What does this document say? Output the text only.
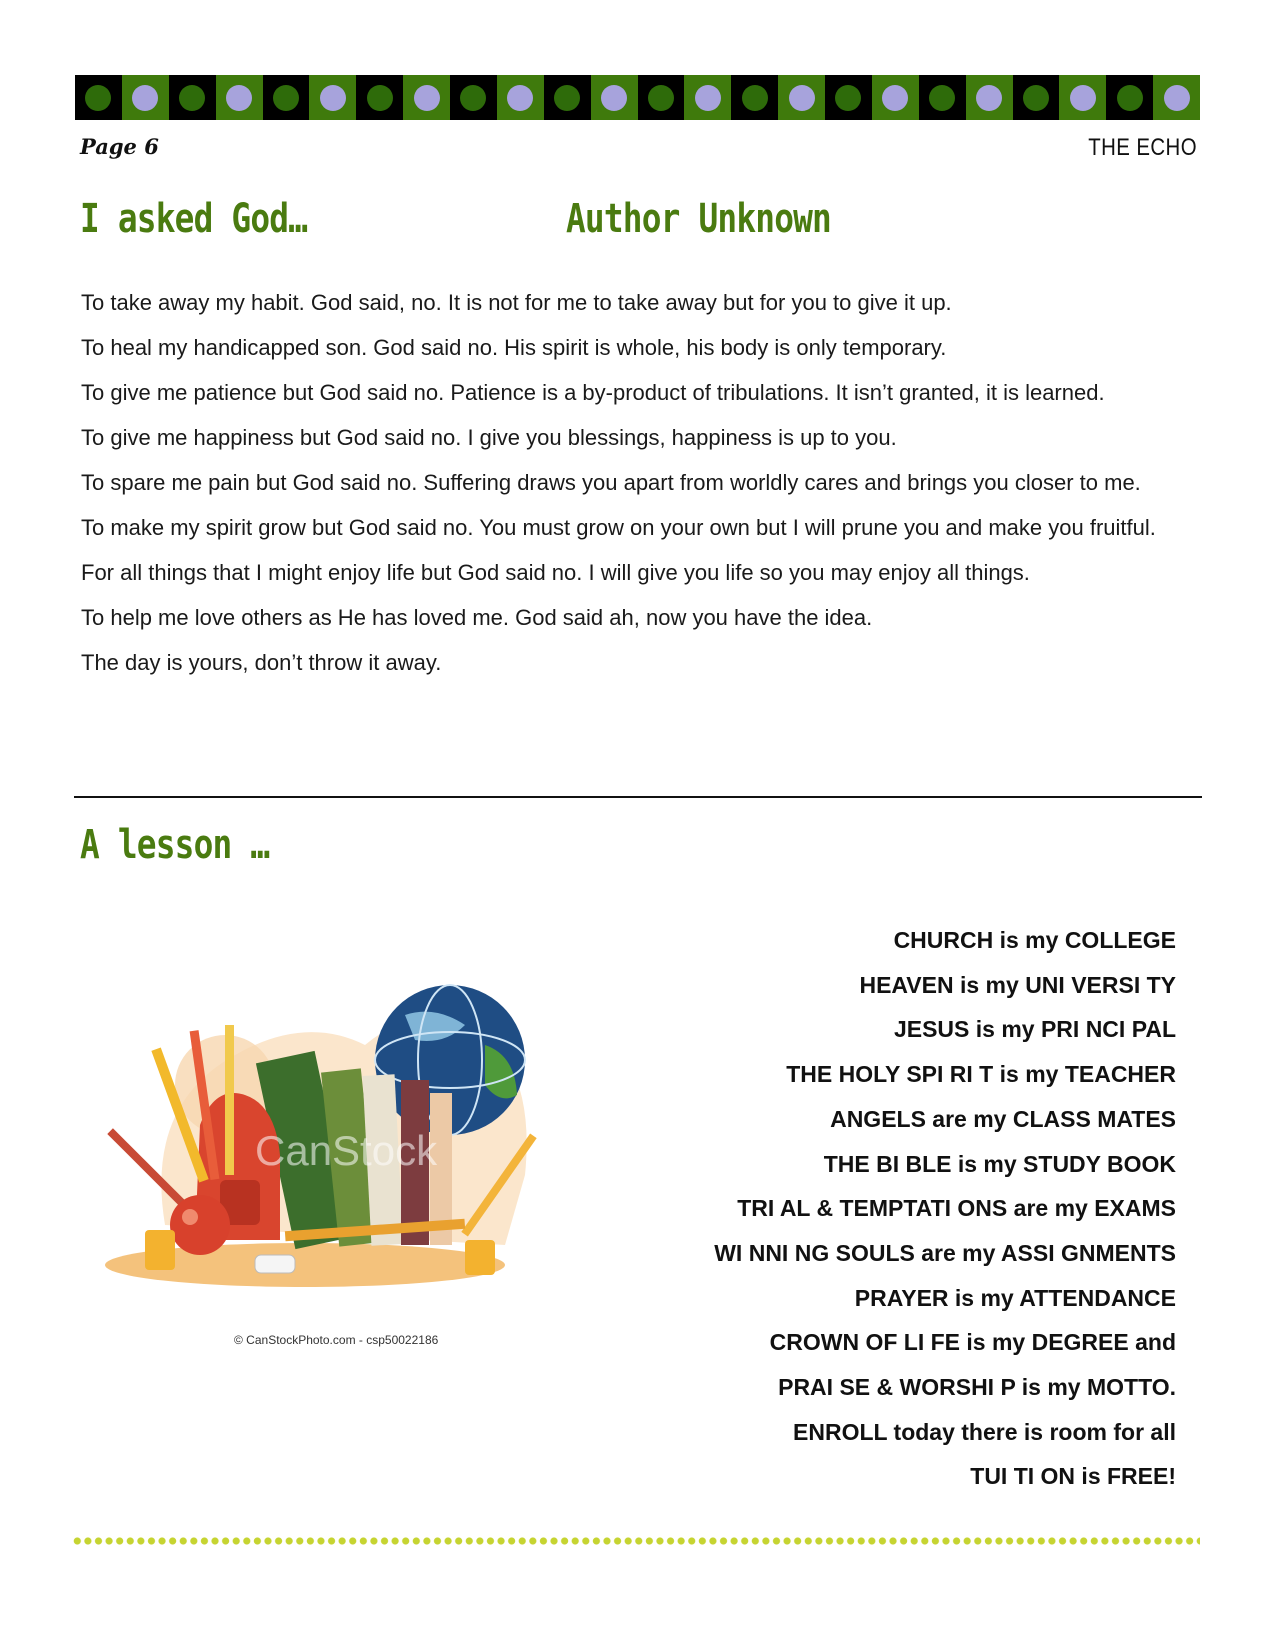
Page 6	THE ECHO
I asked God…	Author Unknown

To take away my habit. God said, no. It is not for me to take away but for you to give it up.

To heal my handicapped son. God said no. His spirit is whole, his body is only temporary.

To give me patience but God said no. Patience is a by-product of tribulations. It isn’t granted, it is learned.

To give me happiness but God said no. I give you blessings, happiness is up to you.

To spare me pain but God said no. Suffering draws you apart from worldly cares and brings you closer to me.

To make my spirit grow but God said no. You must grow on your own but I will prune you and make you fruitful.

For all things that I might enjoy life but God said no. I will give you life so you may enjoy all things.

To help me love others as He has loved me. God said ah, now you have the idea.

The day is yours, don’t throw it away.

A lesson …
CanStock
© CanStockPhoto.com - csp50022186
CHURCH is my COLLEGE
HEAVEN is my UNI VERSI TY
JESUS is my PRI NCI PAL
THE HOLY SPI RI T is my TEACHER
ANGELS are my CLASS MATES
THE BI BLE is my STUDY BOOK
TRI AL & TEMPTATI ONS are my EXAMS
WI NNI NG SOULS are my ASSI GNMENTS
PRAYER is my ATTENDANCE
CROWN OF LI FE is my DEGREE and
PRAI SE & WORSHI P is my MOTTO.
ENROLL today there is room for all
TUI TI ON is FREE!
